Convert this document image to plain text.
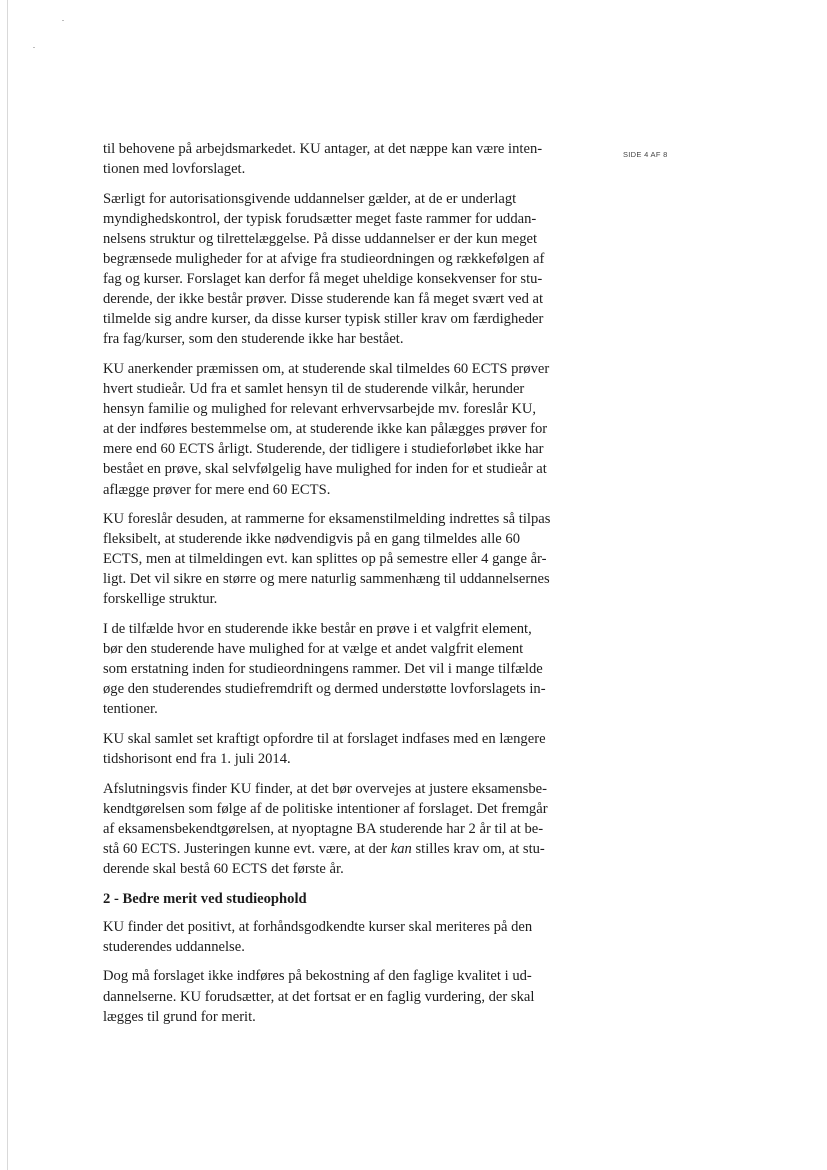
SIDE 4 AF 8

til behovene på arbejdsmarkedet. KU antager, at det næppe kan være inten-
tionen med lovforslaget.

Særligt for autorisationsgivende uddannelser gælder, at de er underlagt
myndighedskontrol, der typisk forudsætter meget faste rammer for uddan-
nelsens struktur og tilrettelæggelse. På disse uddannelser er der kun meget
begrænsede muligheder for at afvige fra studieordningen og rækkefølgen af
fag og kurser. Forslaget kan derfor få meget uheldige konsekvenser for stu-
derende, der ikke består prøver. Disse studerende kan få meget svært ved at
tilmelde sig andre kurser, da disse kurser typisk stiller krav om færdigheder
fra fag/kurser, som den studerende ikke har bestået.

KU anerkender præmissen om, at studerende skal tilmeldes 60 ECTS prøver
hvert studieår. Ud fra et samlet hensyn til de studerende vilkår, herunder
hensyn familie og mulighed for relevant erhvervsarbejde mv. foreslår KU,
at der indføres bestemmelse om, at studerende ikke kan pålægges prøver for
mere end 60 ECTS årligt. Studerende, der tidligere i studieforløbet ikke har
bestået en prøve, skal selvfølgelig have mulighed for inden for et studieår at
aflægge prøver for mere end 60 ECTS.

KU foreslår desuden, at rammerne for eksamenstilmelding indrettes så tilpas
fleksibelt, at studerende ikke nødvendigvis på en gang tilmeldes alle 60
ECTS, men at tilmeldingen evt. kan splittes op på semestre eller 4 gange år-
ligt. Det vil sikre en større og mere naturlig sammenhæng til uddannelsernes
forskellige struktur.

I de tilfælde hvor en studerende ikke består en prøve i et valgfrit element,
bør den studerende have mulighed for at vælge et andet valgfrit element
som erstatning inden for studieordningens rammer. Det vil i mange tilfælde
øge den studerendes studiefremdrift og dermed understøtte lovforslagets in-
tentioner.

KU skal samlet set kraftigt opfordre til at forslaget indfases med en længere
tidshorisont end fra 1. juli 2014.

Afslutningsvis finder KU finder, at det bør overvejes at justere eksamensbe-
kendtgørelsen som følge af de politiske intentioner af forslaget. Det fremgår
af eksamensbekendtgørelsen, at nyoptagne BA studerende har 2 år til at be-
stå 60 ECTS. Justeringen kunne evt. være, at der kan stilles krav om, at stu-
derende skal bestå 60 ECTS det første år.

2 - Bedre merit ved studieophold

KU finder det positivt, at forhåndsgodkendte kurser skal meriteres på den
studerendes uddannelse.

Dog må forslaget ikke indføres på bekostning af den faglige kvalitet i ud-
dannelserne. KU forudsætter, at det fortsat er en faglig vurdering, der skal
lægges til grund for merit.
